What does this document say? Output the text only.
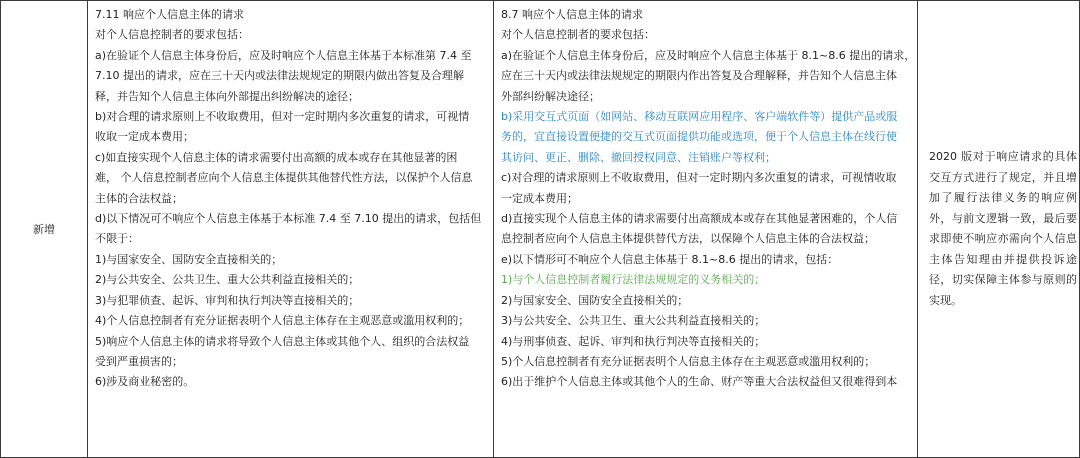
新增
7.11 响应个人信息主体的请求
对个人信息控制者的要求包括：
a)在验证个人信息主体身份后，应及时响应个人信息主体基于本标准第 7.4 至
7.10 提出的请求，应在三十天内或法律法规规定的期限内做出答复及合理解
释，并告知个人信息主体向外部提出纠纷解决的途径；
b)对合理的请求原则上不收取费用，但对一定时期内多次重复的请求，可视情
收取一定成本费用；
c)如直接实现个人信息主体的请求需要付出高额的成本或存在其他显著的困
难， 个人信息控制者应向个人信息主体提供其他替代性方法，以保护个人信息
主体的合法权益；
d)以下情况可不响应个人信息主体基于本标准 7.4 至 7.10 提出的请求，包括但
不限于：
1)与国家安全、国防安全直接相关的；
2)与公共安全、公共卫生、重大公共利益直接相关的；
3)与犯罪侦查、起诉、审判和执行判决等直接相关的；
4)个人信息控制者有充分证据表明个人信息主体存在主观恶意或滥用权利的；
5)响应个人信息主体的请求将导致个人信息主体或其他个人、组织的合法权益
受到严重损害的；
6)涉及商业秘密的。
8.7 响应个人信息主体的请求
对个人信息控制者的要求包括：
a)在验证个人信息主体身份后，应及时响应个人信息主体基于 8.1~8.6 提出的请求，
应在三十天内或法律法规规定的期限内作出答复及合理解释，并告知个人信息主体
外部纠纷解决途径；
b)采用交互式页面（如网站、移动互联网应用程序、客户端软件等）提供产品或服
务的，宜直接设置便捷的交互式页面提供功能或选项，便于个人信息主体在线行使
其访问、更正、删除、撤回授权同意、注销账户等权利；
c)对合理的请求原则上不收取费用，但对一定时期内多次重复的请求，可视情收取
一定成本费用；
d)直接实现个人信息主体的请求需要付出高额成本或存在其他显著困难的，个人信
息控制者应向个人信息主体提供替代方法，以保障个人信息主体的合法权益；
e)以下情形可不响应个人信息主体基于 8.1~8.6 提出的请求，包括：
1)与个人信息控制者履行法律法规规定的义务相关的；
2)与国家安全、国防安全直接相关的；
3)与公共安全、公共卫生、重大公共利益直接相关的；
4)与刑事侦查、起诉、审判和执行判决等直接相关的；
5)个人信息控制者有充分证据表明个人信息主体存在主观恶意或滥用权利的；
6)出于维护个人信息主体或其他个人的生命、财产等重大合法权益但又很难得到本
2020 版对于响应请求的具体交互方式进行了规定，并且增加了履行法律义务的响应例外，与前文逻辑一致，最后要求即使不响应亦需向个人信息主体告知理由并提供投诉途径，切实保障主体参与原则的实现。
